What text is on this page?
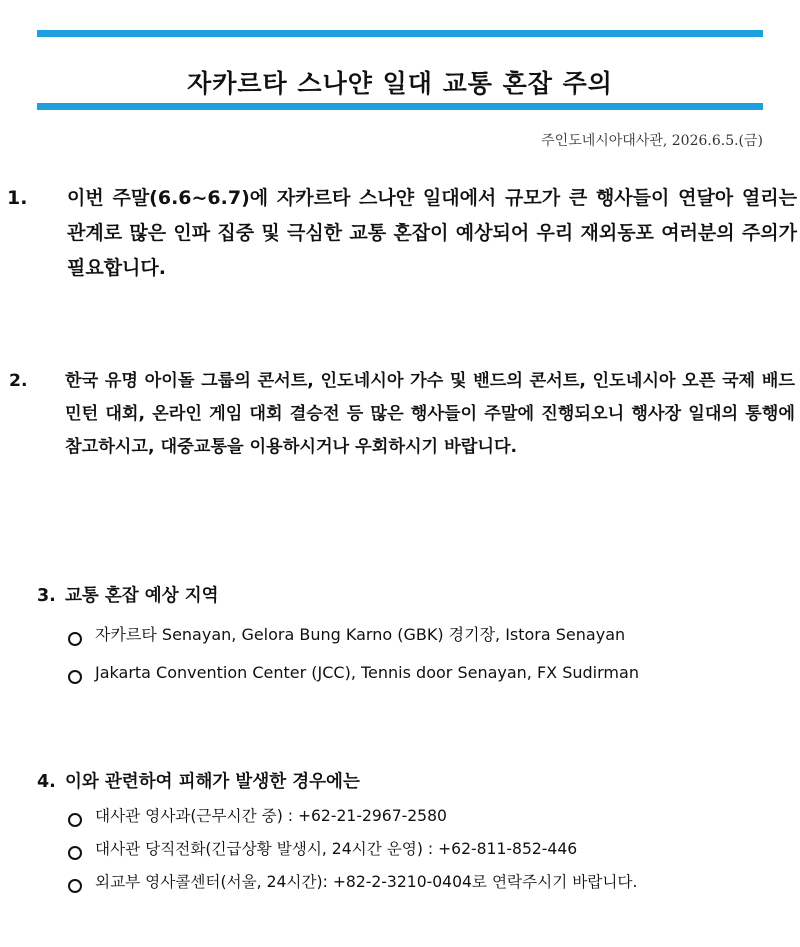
자카르타 스나얀 일대 교통 혼잡 주의
주인도네시아대사관, 2026.6.5.(금)
1. 이번 주말(6.6~6.7)에 자카르타 스나얀 일대에서 규모가 큰 행사들이 연달아 열리는 관계로 많은 인파 집중 및 극심한 교통 혼잡이 예상되어 우리 재외동포 여러분의 주의가 필요합니다.
2. 한국 유명 아이돌 그룹의 콘서트, 인도네시아 가수 및 밴드의 콘서트, 인도네시아 오픈 국제 배드민턴 대회, 온라인 게임 대회 결승전 등 많은 행사들이 주말에 진행되오니 행사장 일대의 통행에 참고하시고, 대중교통을 이용하시거나 우회하시기 바랍니다.
3. 교통 혼잡 예상 지역
자카르타 Senayan, Gelora Bung Karno (GBK) 경기장, Istora Senayan
Jakarta Convention Center (JCC), Tennis door Senayan, FX Sudirman
4. 이와 관련하여 피해가 발생한 경우에는
대사관 영사과(근무시간 중) : +62-21-2967-2580
대사관 당직전화(긴급상황 발생시, 24시간 운영) : +62-811-852-446
외교부 영사콜센터(서울, 24시간): +82-2-3210-0404로 연락주시기 바랍니다.
